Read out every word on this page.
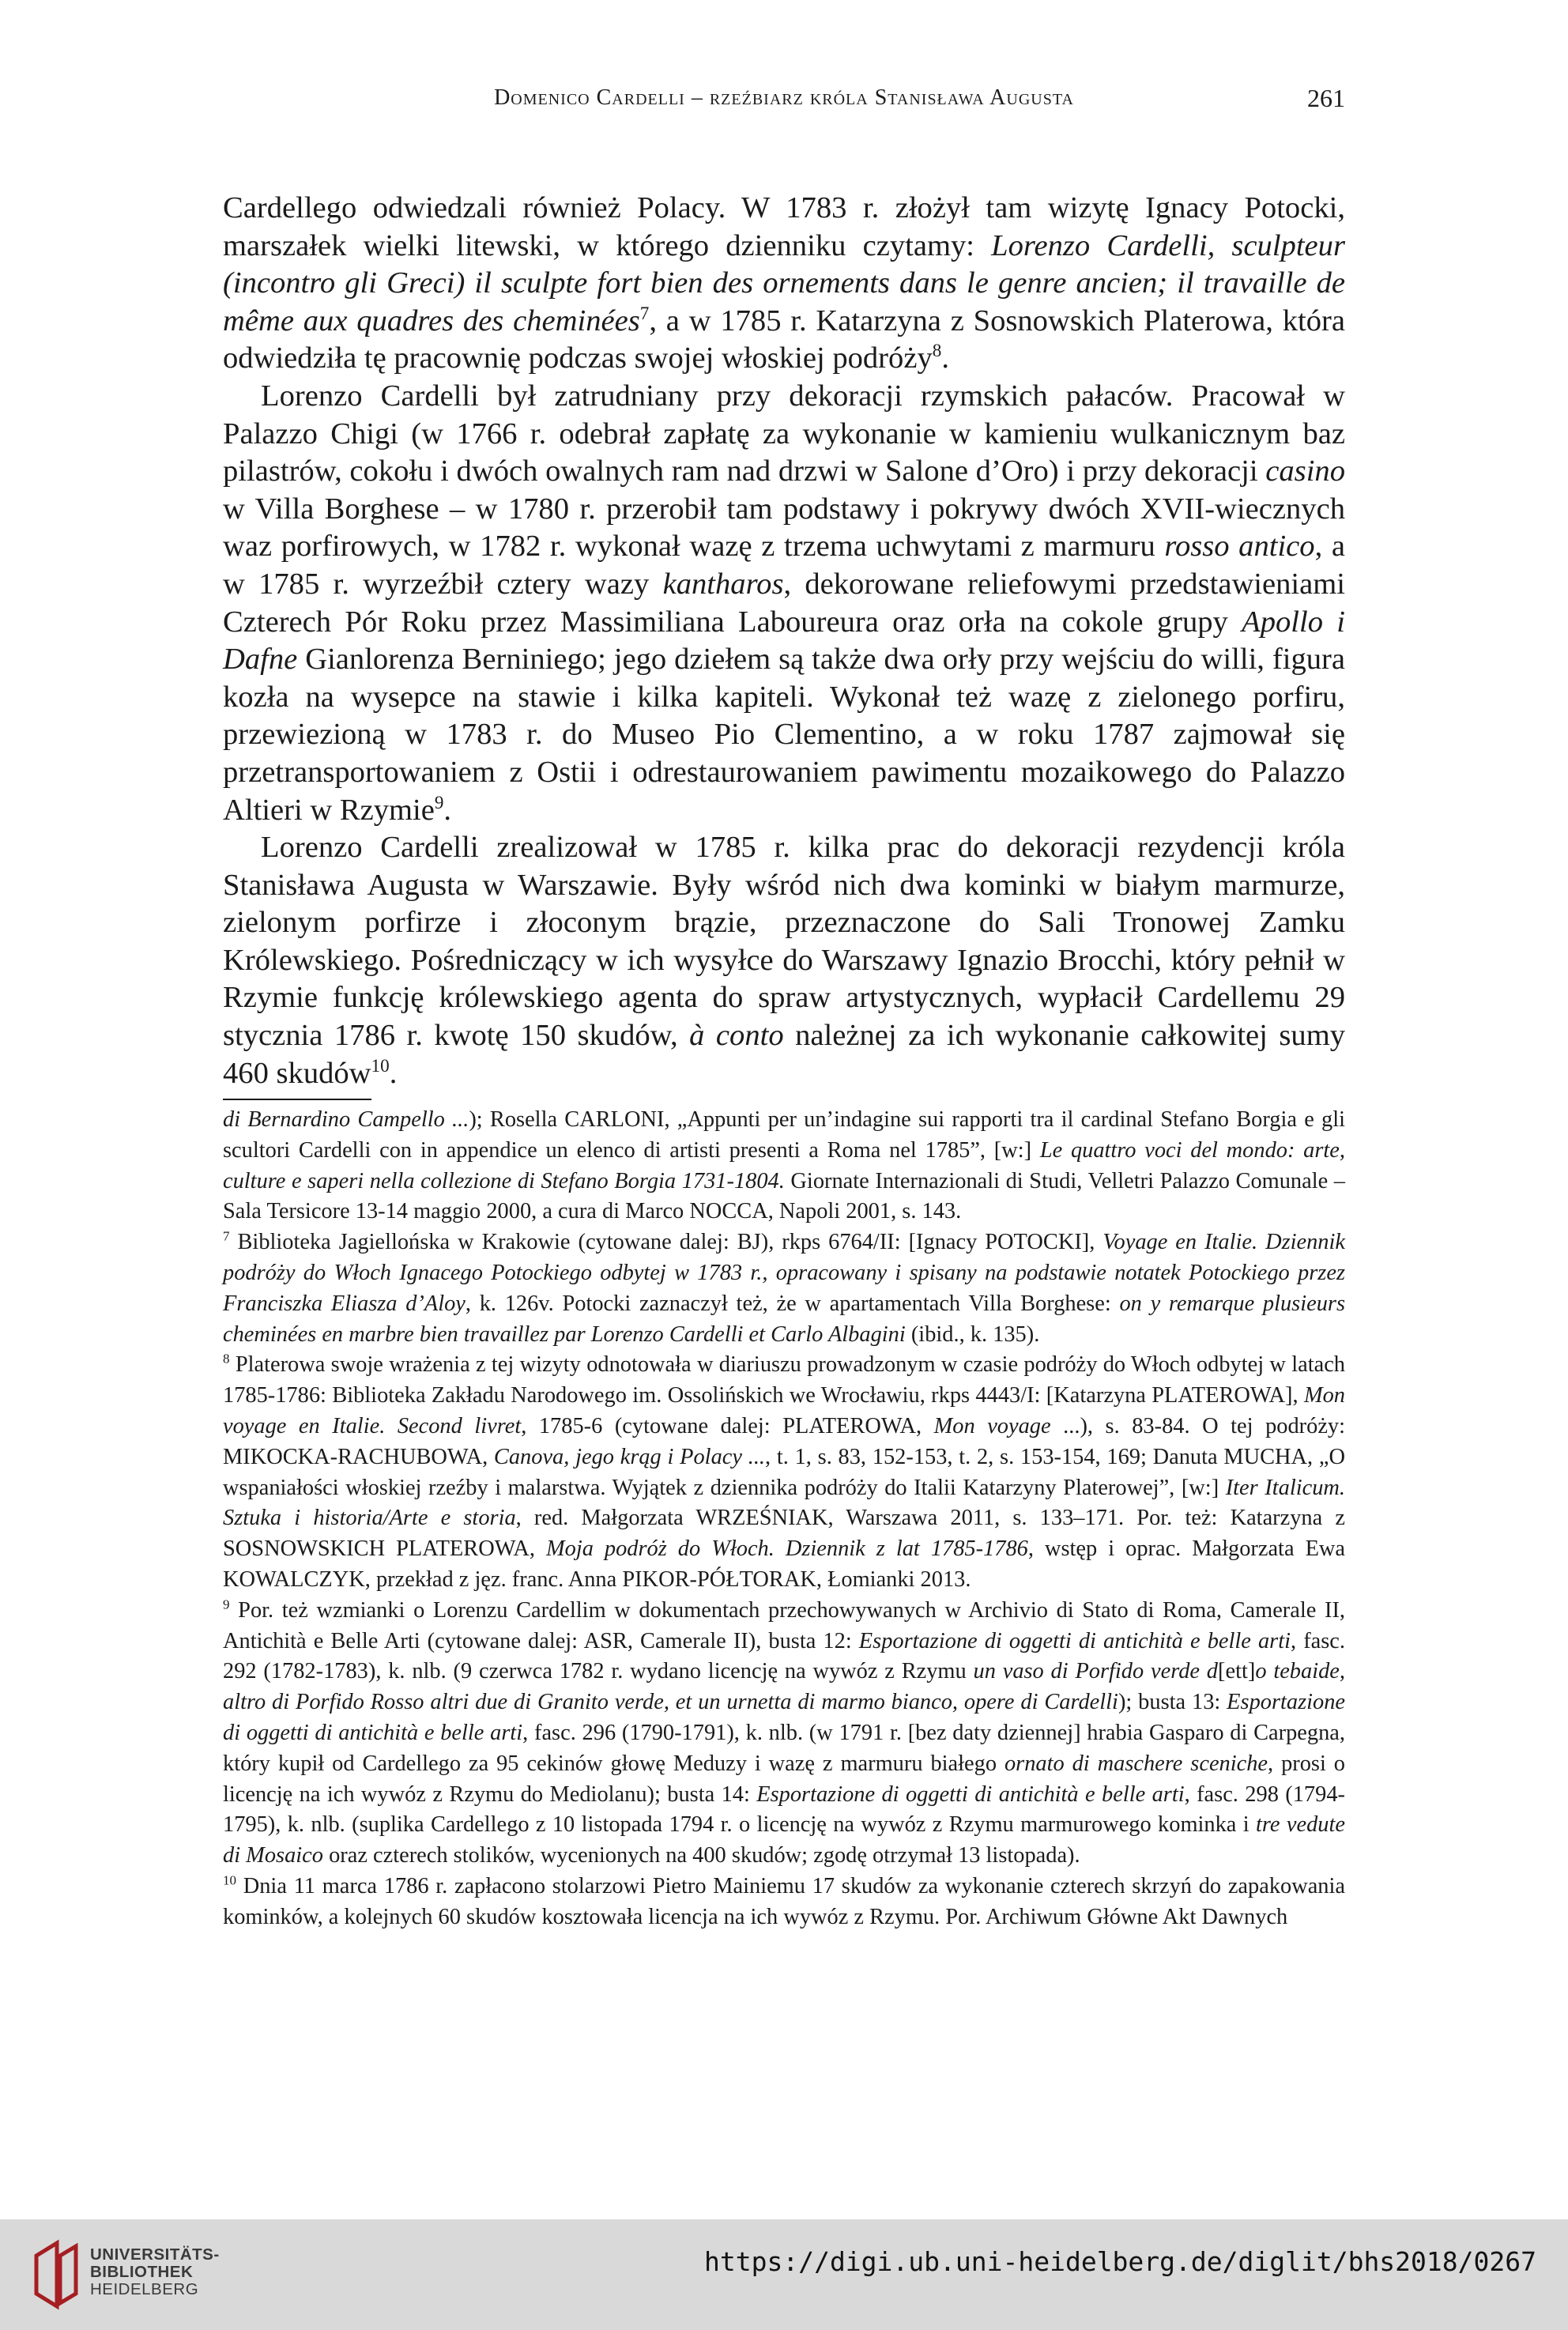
Domenico Cardelli – rzeźbiarz króla Stanisława Augusta	261

Cardellego odwiedzali również Polacy. W 1783 r. złożył tam wizytę Ignacy Potocki, marszałek wielki litewski, w którego dzienniku czytamy: Lorenzo Cardelli, sculpteur (incontro gli Greci) il sculpte fort bien des ornements dans le genre ancien; il travaille de même aux quadres des cheminées$^7$, a w 1785 r. Katarzyna z Sosnowskich Platerowa, która odwiedziła tę pracownię podczas swojej włoskiej podróży$^8$.

Lorenzo Cardelli był zatrudniany przy dekoracji rzymskich pałaców. Pracował w Palazzo Chigi (w 1766 r. odebrał zapłatę za wykonanie w kamieniu wulkanicznym baz pilastrów, cokołu i dwóch owalnych ram nad drzwi w Salone d’Oro) i przy dekoracji casino w Villa Borghese – w 1780 r. przerobił tam podstawy i pokrywy dwóch XVII-wiecznych waz porfirowych, w 1782 r. wykonał wazę z trzema uchwytami z marmuru rosso antico, a w 1785 r. wyrzeźbił cztery wazy kantharos, dekorowane reliefowymi przedstawieniami Czterech Pór Roku przez Massimiliana Laboureura oraz orła na cokole grupy Apollo i Dafne Gianlorenza Berniniego; jego dziełem są także dwa orły przy wejściu do willi, figura kozła na wysepce na stawie i kilka kapiteli. Wykonał też wazę z zielonego porfiru, przewiezioną w 1783 r. do Museo Pio Clementino, a w roku 1787 zajmował się przetransportowaniem z Ostii i odrestaurowaniem pawimentu mozaikowego do Palazzo Altieri w Rzymie$^9$.

Lorenzo Cardelli zrealizował w 1785 r. kilka prac do dekoracji rezydencji króla Stanisława Augusta w Warszawie. Były wśród nich dwa kominki w białym marmurze, zielonym porfirze i złoconym brązie, przeznaczone do Sali Tronowej Zamku Królewskiego. Pośredniczący w ich wysyłce do Warszawy Ignazio Brocchi, który pełnił w Rzymie funkcję królewskiego agenta do spraw artystycznych, wypłacił Cardellemu 29 stycznia 1786 r. kwotę 150 skudów, à conto należnej za ich wykonanie całkowitej sumy 460 skudów$^{10}$.

di Bernardino Campello ...); Rosella CARLONI, „Appunti per un’indagine sui rapporti tra il cardinal Stefano Borgia e gli scultori Cardelli con in appendice un elenco di artisti presenti a Roma nel 1785”, [w:] Le quattro voci del mondo: arte, culture e saperi nella collezione di Stefano Borgia 1731-1804. Giornate Internazionali di Studi, Velletri Palazzo Comunale – Sala Tersicore 13-14 maggio 2000, a cura di Marco NOCCA, Napoli 2001, s. 143.

$^7$ Biblioteka Jagiellońska w Krakowie (cytowane dalej: BJ), rkps 6764/II: [Ignacy POTOCKI], Voyage en Italie. Dziennik podróży do Włoch Ignacego Potockiego odbytej w 1783 r., opracowany i spisany na podstawie notatek Potockiego przez Franciszka Eliasza d’Aloy, k. 126v. Potocki zaznaczył też, że w apartamentach Villa Borghese: on y remarque plusieurs cheminées en marbre bien travaillez par Lorenzo Cardelli et Carlo Albagini (ibid., k. 135).

$^8$ Platerowa swoje wrażenia z tej wizyty odnotowała w diariuszu prowadzonym w czasie podróży do Włoch odbytej w latach 1785-1786: Biblioteka Zakładu Narodowego im. Ossolińskich we Wrocławiu, rkps 4443/I: [Katarzyna PLATEROWA], Mon voyage en Italie. Second livret, 1785-6 (cytowane dalej: PLATEROWA, Mon voyage ...), s. 83-84. O tej podróży: MIKOCKA-RACHUBOWA, Canova, jego krąg i Polacy ..., t. 1, s. 83, 152-153, t. 2, s. 153-154, 169; Danuta MUCHA, „O wspaniałości włoskiej rzeźby i malarstwa. Wyjątek z dziennika podróży do Italii Katarzyny Platerowej”, [w:] Iter Italicum. Sztuka i historia/Arte e storia, red. Małgorzata WRZEŚNIAK, Warszawa 2011, s. 133–171. Por. też: Katarzyna z SOSNOWSKICH PLATEROWA, Moja podróż do Włoch. Dziennik z lat 1785-1786, wstęp i oprac. Małgorzata Ewa KOWALCZYK, przekład z jęz. franc. Anna PIKOR-PÓŁTORAK, Łomianki 2013.

$^9$ Por. też wzmianki o Lorenzu Cardellim w dokumentach przechowywanych w Archivio di Stato di Roma, Camerale II, Antichità e Belle Arti (cytowane dalej: ASR, Camerale II), busta 12: Esportazione di oggetti di antichità e belle arti, fasc. 292 (1782-1783), k. nlb. (9 czerwca 1782 r. wydano licencję na wywóz z Rzymu un vaso di Porfido verde d[ett]o tebaide, altro di Porfido Rosso altri due di Granito verde, et un urnetta di marmo bianco, opere di Cardelli); busta 13: Esportazione di oggetti di antichità e belle arti, fasc. 296 (1790-1791), k. nlb. (w 1791 r. [bez daty dziennej] hrabia Gasparo di Carpegna, który kupił od Cardellego za 95 cekinów głowę Meduzy i wazę z marmuru białego ornato di maschere sceniche, prosi o licencję na ich wywóz z Rzymu do Mediolanu); busta 14: Esportazione di oggetti di antichità e belle arti, fasc. 298 (1794-1795), k. nlb. (suplika Cardellego z 10 listopada 1794 r. o licencję na wywóz z Rzymu marmurowego kominka i tre vedute di Mosaico oraz czterech stolików, wycenionych na 400 skudów; zgodę otrzymał 13 listopada).

$^{10}$ Dnia 11 marca 1786 r. zapłacono stolarzowi Pietro Mainiemu 17 skudów za wykonanie czterech skrzyń do zapakowania kominków, a kolejnych 60 skudów kosztowała licencja na ich wywóz z Rzymu. Por. Archiwum Główne Akt Dawnych

UNIVERSITÄTS-
BIBLIOTHEK
HEIDELBERG
https://digi.ub.uni-heidelberg.de/diglit/bhs2018/0267
